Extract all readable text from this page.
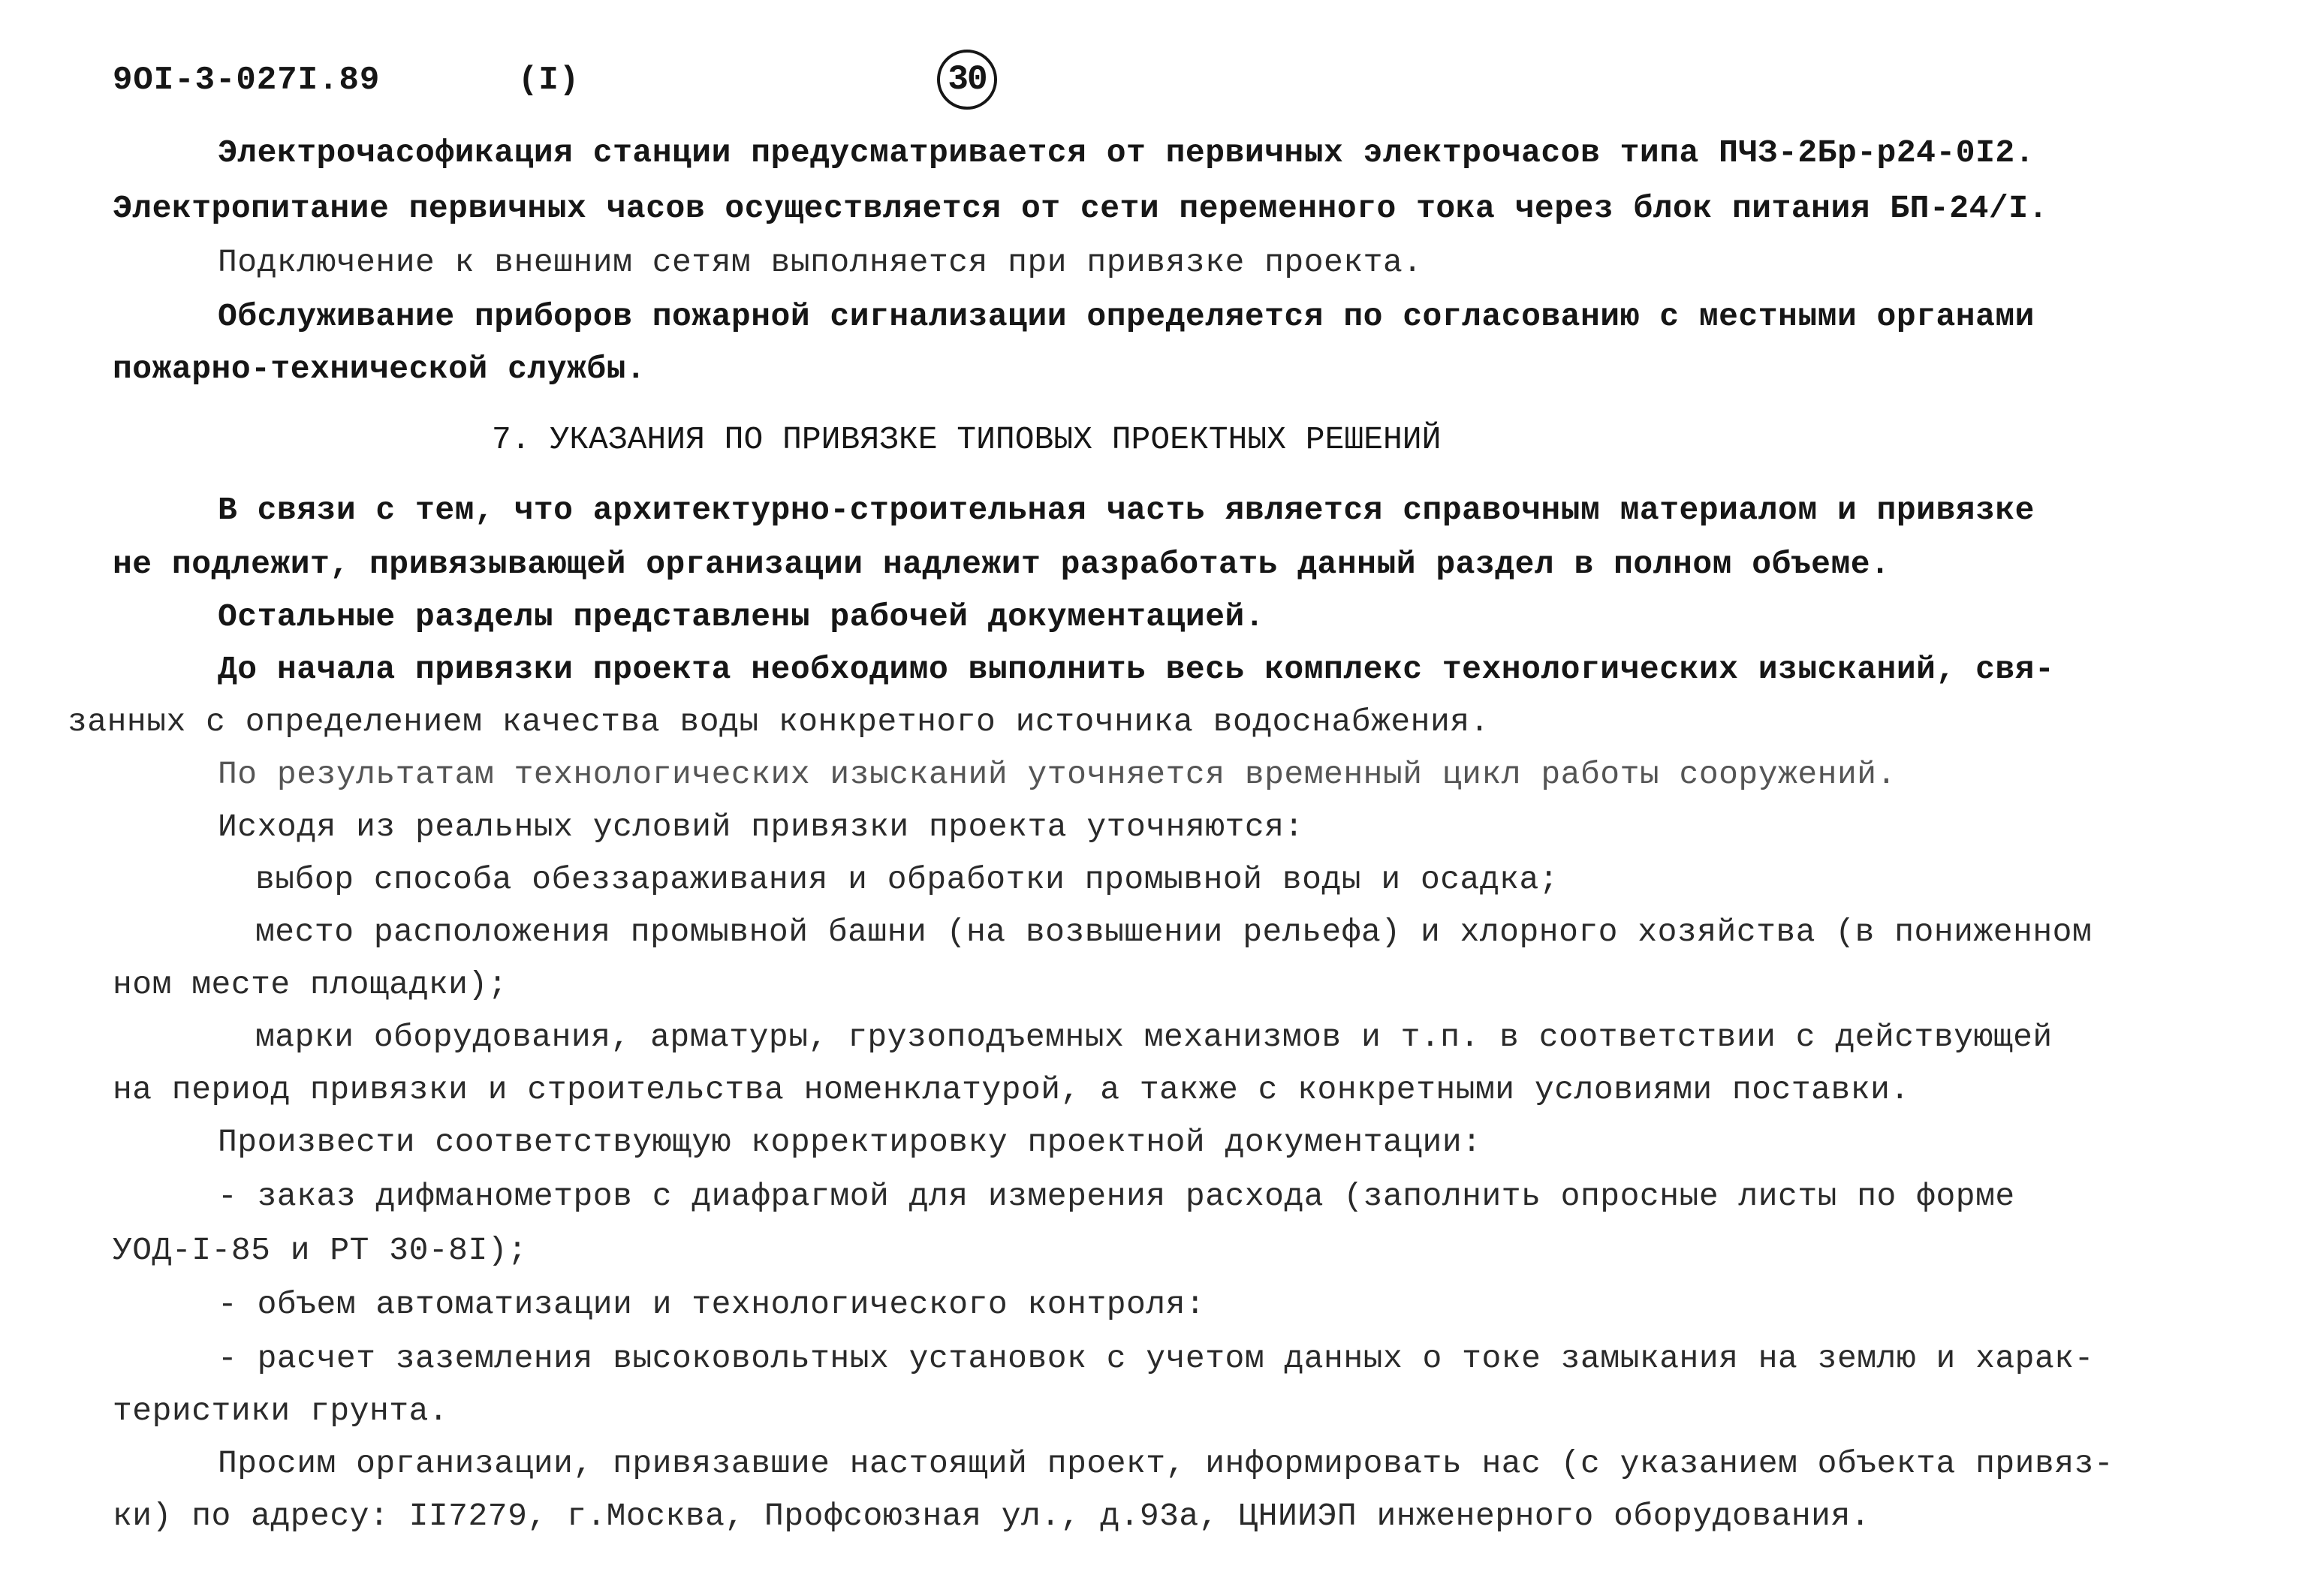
9OI-3-027I.89	(I)	30
Электрочасофикация станции предусматривается от первичных электрочасов типа ПЧЗ-2Бр-р24-0I2.
Электропитание первичных часов осуществляется от сети переменного тока через блок питания БП-24/I.
Подключение к внешним сетям выполняется при привязке проекта.
Обслуживание приборов пожарной сигнализации определяется по согласованию с местными органами
пожарно-технической службы.
7. УКАЗАНИЯ ПО ПРИВЯЗКЕ ТИПОВЫХ ПРОЕКТНЫХ РЕШЕНИЙ
В связи с тем, что архитектурно-строительная часть является справочным материалом и привязке
не подлежит, привязывающей организации надлежит разработать данный раздел в полном объеме.
Остальные разделы представлены рабочей документацией.
До начала привязки проекта необходимо выполнить весь комплекс технологических изысканий, свя-
занных с определением качества воды конкретного источника водоснабжения.
По результатам технологических изысканий уточняется временный цикл работы сооружений.
Исходя из реальных условий привязки проекта уточняются:
выбор способа обеззараживания и обработки промывной воды и осадка;
место расположения промывной башни (на возвышении рельефа) и хлорного хозяйства (в пониженном
ном месте площадки);
марки оборудования, арматуры, грузоподъемных механизмов и т.п. в соответствии с действующей
на период привязки и строительства номенклатурой, а также с конкретными условиями поставки.
Произвести соответствующую корректировку проектной документации:
- заказ дифманометров с диафрагмой для измерения расхода (заполнить опросные листы по форме
УОД-I-85 и РТ 30-8I);
- объем автоматизации и технологического контроля:
- расчет заземления высоковольтных установок с учетом данных о токе замыкания на землю и харак-
теристики грунта.
Просим организации, привязавшие настоящий проект, информировать нас (с указанием объекта привяз-
ки) по адресу: II7279, г.Москва, Профсоюзная ул., д.93а, ЦНИИЭП инженерного оборудования.
